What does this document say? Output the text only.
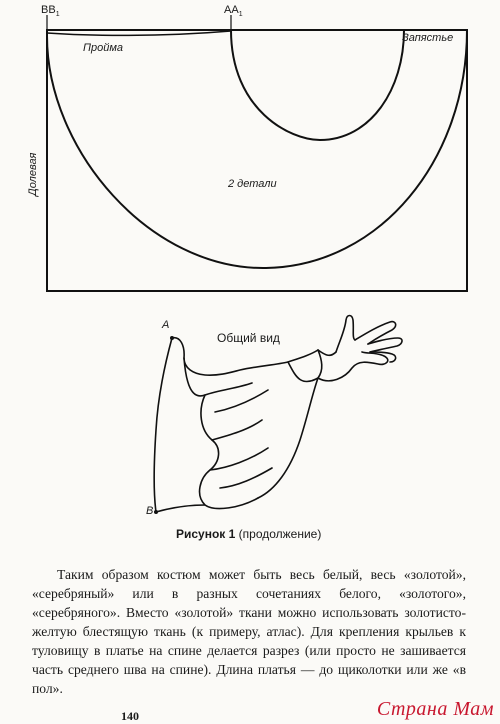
$BB_1$	$AA_1$
Пройма
Запястье
Долевая	2 детали
Общий вид
A
B
Рисунок 1 (продолжение)

Таким образом костюм может быть весь белый, весь «золотой», «серебряный» или в разных сочетаниях белого, «золотого», «серебряного». Вместо «золотой» ткани можно использовать золотисто-желтую блестящую ткань (к примеру, атлас). Для крепления крыльев к туловищу в платье на спине делается разрез (или просто не зашивается часть среднего шва на спине). Длина платья — до щиколотки или же «в пол».

140	Страна Мам
